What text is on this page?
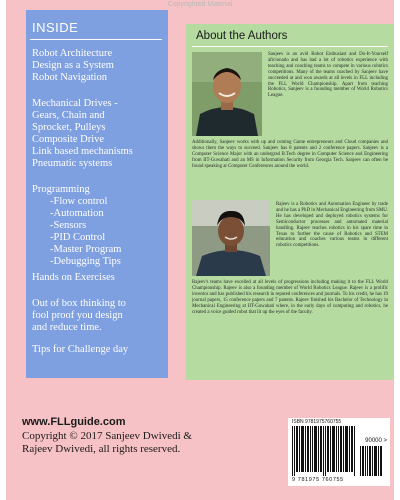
Copyrighted Material
INSIDE
Robot Architecture
Design as a System
Robot Navigation
Mechanical Drives -
Gears, Chain and
Sprocket, Pulleys
Composite Drive
Link based mechanisms
Pneumatic systems
Programming
-Flow control
-Automation
-Sensors
-PID Control
-Master Program
-Debugging Tips
Hands on Exercises
Out of box thinking to
fool proof you design
and reduce time.
Tips for Challenge day
About the Authors

Sanjeev is an avid Robot Enthusiast and Do-It-Yourself aficionado and has had a lot of robotics experience with teaching and coaching teams to compete in various robotics competitions. Many of the teams coached by Sanjeev have succeeded at and won awards at all levels in FLL including the FLL World Championship. Apart from teaching Robotics, Sanjeev is a founding member of World Robotics League.

Additionally, Sanjeev works with up and coming Game entrepreneurs and Cloud companies and shows them the ways to succeed. Sanjeev has 8 patents and 2 conference papers. Sanjeev is a Computer Science Major with an undergrad B.Tech degree in Computer Science and Engineering from IIT-Guwahati and an MS in Information Security from Georgia Tech. Sanjeev can often be found speaking at Computer Conferences around the world.

Rajeev is a Robotics and Automation Engineer by trade and he has a PhD in Mechanical Engineering from SMU. He has developed and deployed robotics systems for Semiconductor processes and automated material handling. Rajeev teaches robotics in his spare time in Texas to further the cause of Robotics and STEM education and coaches various teams in different robotics competitions.

Rajeev's teams have excelled at all levels of progressions including making it to the FLL World Championship. Rajeev is also a founding member of World Robotics League. Rajeev is a prolific inventor and has published his research in reputed conferences and journals. To his credit, he has 19 journal papers, 15 conference papers and 7 patents. Rajeev finished his Bachelor of Technology in Mechanical Engineering at IIT-Guwahati where, in the early days of computing and robotics, he created a voice guided robot that lit up the eyes of the faculty.

www.FLLguide.com
Copyright © 2017 Sanjeev Dwivedi &
Rajeev Dwivedi, all rights reserved.
ISBN 9781975760755
90000 >
9 781975 760755
